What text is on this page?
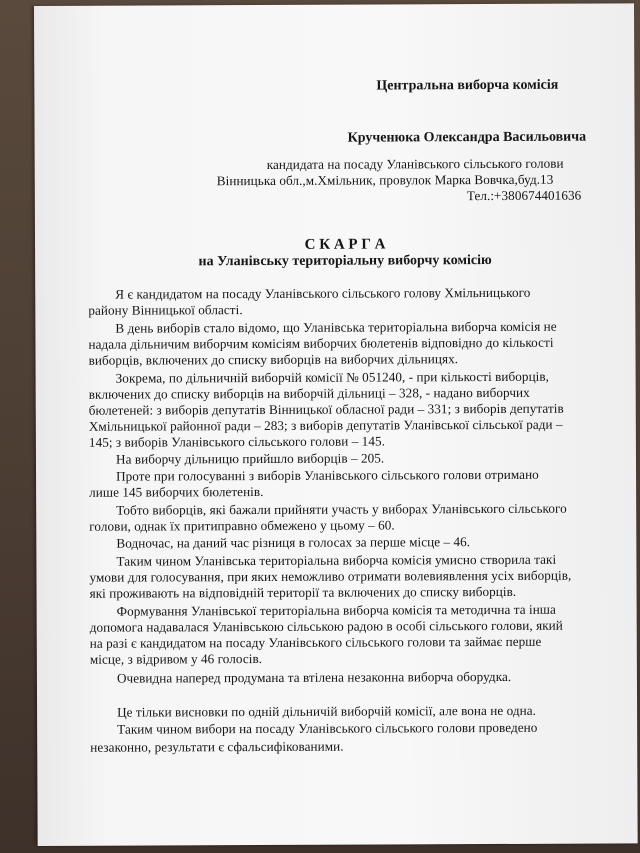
Центральна виборча комісія
Крученюка Олександра Васильовича
кандидата на посаду Уланівського сільського голови
Вінницька обл.,м.Хмільник, провулок Марка Вовчка,буд.13
Тел.:+380674401636
С К А Р Г А
на Уланівську територіальну виборчу комісію
Я є кандидатом на посаду Уланівського сільського голову Хмільницького
району Вінницької області.
В день виборів стало відомо, що Уланівська територіальна виборча комісія не
надала дільничим виборчим комісіям виборчих бюлетенів відповідно до кількості
виборців, включених до списку виборців на виборчих дільницях.
Зокрема, по дільничній виборчій комісії № 051240, - при кількості виборців,
включених до списку виборців на виборчій дільниці – 328, - надано виборчих
бюлетеней: з виборів депутатів Вінницької обласної ради – 331; з виборів депутатів
Хмільницької районної ради – 283; з виборів депутатів Уланівської сільської ради –
145; з виборів Уланівського сільського голови – 145.
На виборчу дільницю прийшло виборців – 205.
Проте при голосуванні з виборів Уланівського сільського голови отримано
лише 145 виборчих бюлетенів.
Тобто виборців, які бажали прийняти участь у виборах Уланівського сільського
голови, однак їх притиправно обмежено у цьому – 60.
Водночас, на даний час різниця в голосах за перше місце – 46.
Таким чином Уланівська територіальна виборча комісія умисно створила такі
умови для голосування, при яких неможливо отримати волевиявлення усіх виборців,
які проживають на відповідній території та включених до списку виборців.
Формування Уланівської територіальна виборча комісія та методична та інша
допомога надавалася Уланівською сільською радою в особі сільського голови, який
на разі є кандидатом на посаду Уланівського сільського голови та займає перше
місце, з відривом у 46 голосів.
Очевидна наперед продумана та втілена незаконна виборча оборудка.
Це тільки висновки по одній дільничій виборчій комісії, але вона не одна.
Таким чином вибори на посаду Уланівського сільського голови проведено
незаконно, результати є сфальсифікованими.
